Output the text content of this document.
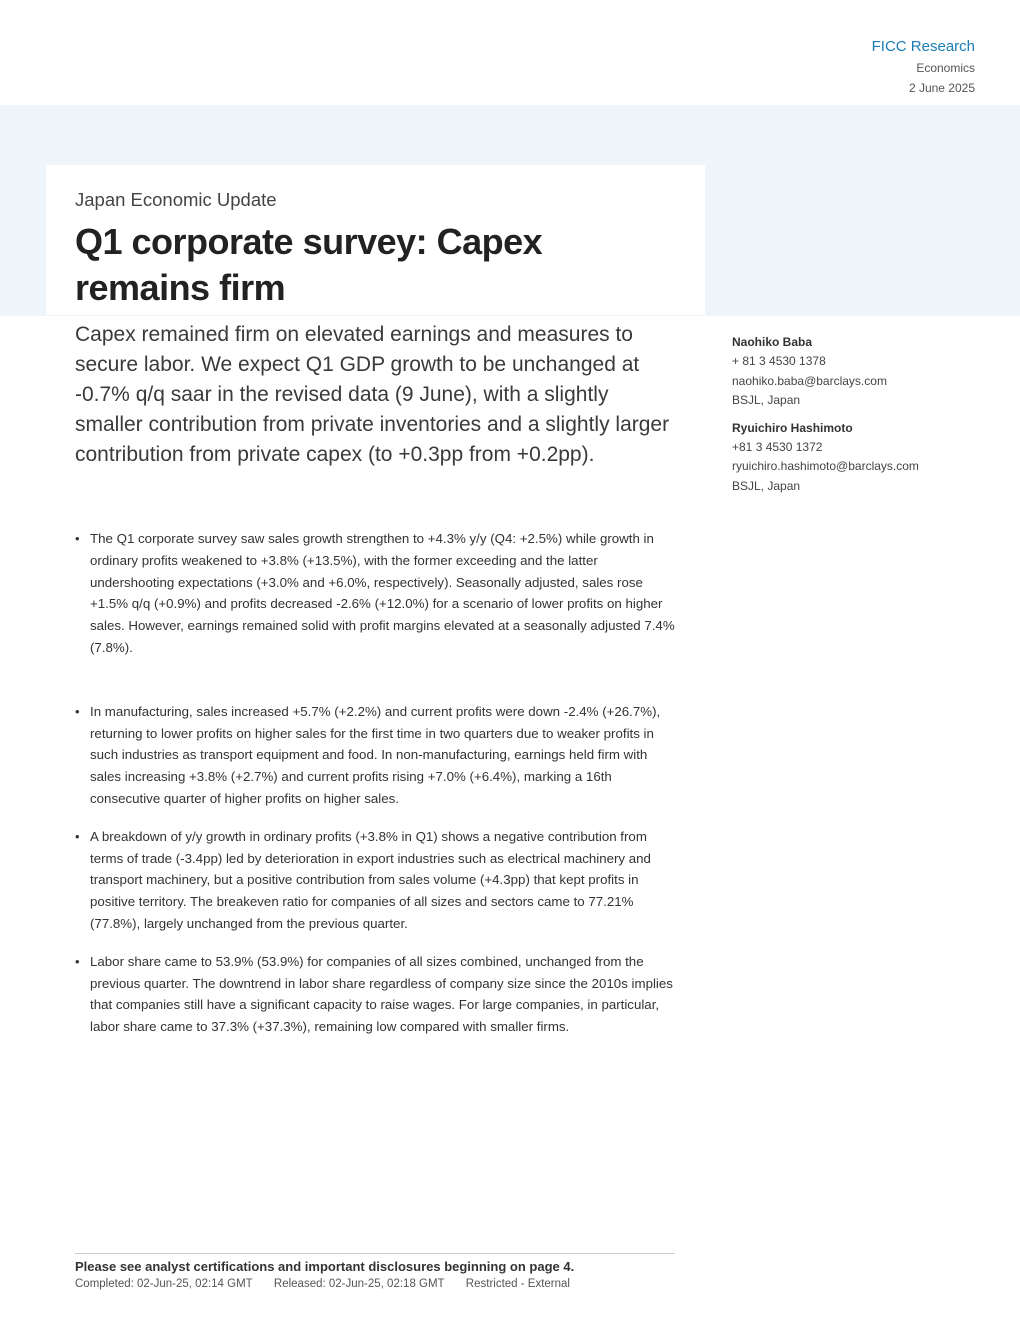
FICC Research
Economics
2 June 2025
Japan Economic Update
Q1 corporate survey: Capex remains firm

Capex remained firm on elevated earnings and measures to secure labor. We expect Q1 GDP growth to be unchanged at -0.7% q/q saar in the revised data (9 June), with a slightly smaller contribution from private inventories and a slightly larger contribution from private capex (to +0.3pp from +0.2pp).

Naohiko Baba
+ 81 3 4530 1378
naohiko.baba@barclays.com
BSJL, Japan
Ryuichiro Hashimoto
+81 3 4530 1372
ryuichiro.hashimoto@barclays.com
BSJL, Japan
• The Q1 corporate survey saw sales growth strengthen to +4.3% y/y (Q4: +2.5%) while growth in ordinary profits weakened to +3.8% (+13.5%), with the former exceeding and the latter undershooting expectations (+3.0% and +6.0%, respectively). Seasonally adjusted, sales rose +1.5% q/q (+0.9%) and profits decreased -2.6% (+12.0%) for a scenario of lower profits on higher sales. However, earnings remained solid with profit margins elevated at a seasonally adjusted 7.4% (7.8%).
• In manufacturing, sales increased +5.7% (+2.2%) and current profits were down -2.4% (+26.7%), returning to lower profits on higher sales for the first time in two quarters due to weaker profits in such industries as transport equipment and food. In non-manufacturing, earnings held firm with sales increasing +3.8% (+2.7%) and current profits rising +7.0% (+6.4%), marking a 16th consecutive quarter of higher profits on higher sales.
• A breakdown of y/y growth in ordinary profits (+3.8% in Q1) shows a negative contribution from terms of trade (-3.4pp) led by deterioration in export industries such as electrical machinery and transport machinery, but a positive contribution from sales volume (+4.3pp) that kept profits in positive territory. The breakeven ratio for companies of all sizes and sectors came to 77.21% (77.8%), largely unchanged from the previous quarter.
• Labor share came to 53.9% (53.9%) for companies of all sizes combined, unchanged from the previous quarter. The downtrend in labor share regardless of company size since the 2010s implies that companies still have a significant capacity to raise wages. For large companies, in particular, labor share came to 37.3% (+37.3%), remaining low compared with smaller firms.
Please see analyst certifications and important disclosures beginning on page 4.
Completed: 02-Jun-25, 02:14 GMT Released: 02-Jun-25, 02:18 GMT Restricted - External
